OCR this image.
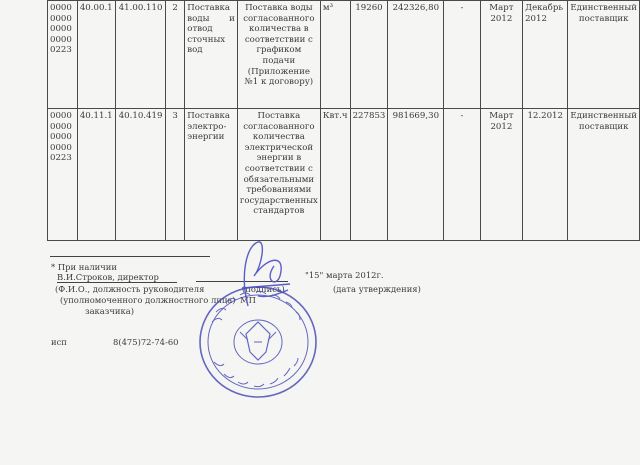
0000
0000
0000
0000
0223	40.00.1	41.00.110	2	Поставка воды и отвод сточных вод	Поставка воды согласованного количества в соответствии с графиком подачи (Приложение №1 к договору)	м³	19260	242326,80	-	Март 2012	Декабрь 2012	Единственный поставщик
0000
0000
0000
0000
0223	40.11.1	40.10.419	3	Поставка электро-энергии	Поставка согласованного количества электрической энергии в соответствии с обязательными требованиями государственных стандартов	Квт.ч	227853	981669,30	-	Март 2012	12.2012	Единственный поставщик
* При наличии
В.И.Строков, директор	"15" марта 2012г.
(Ф.И.О., должность руководителя	(подпись)	(дата утверждения)
(уполномоченного должностного лица) МП
заказчика)
исп	8(475)72-74-60
